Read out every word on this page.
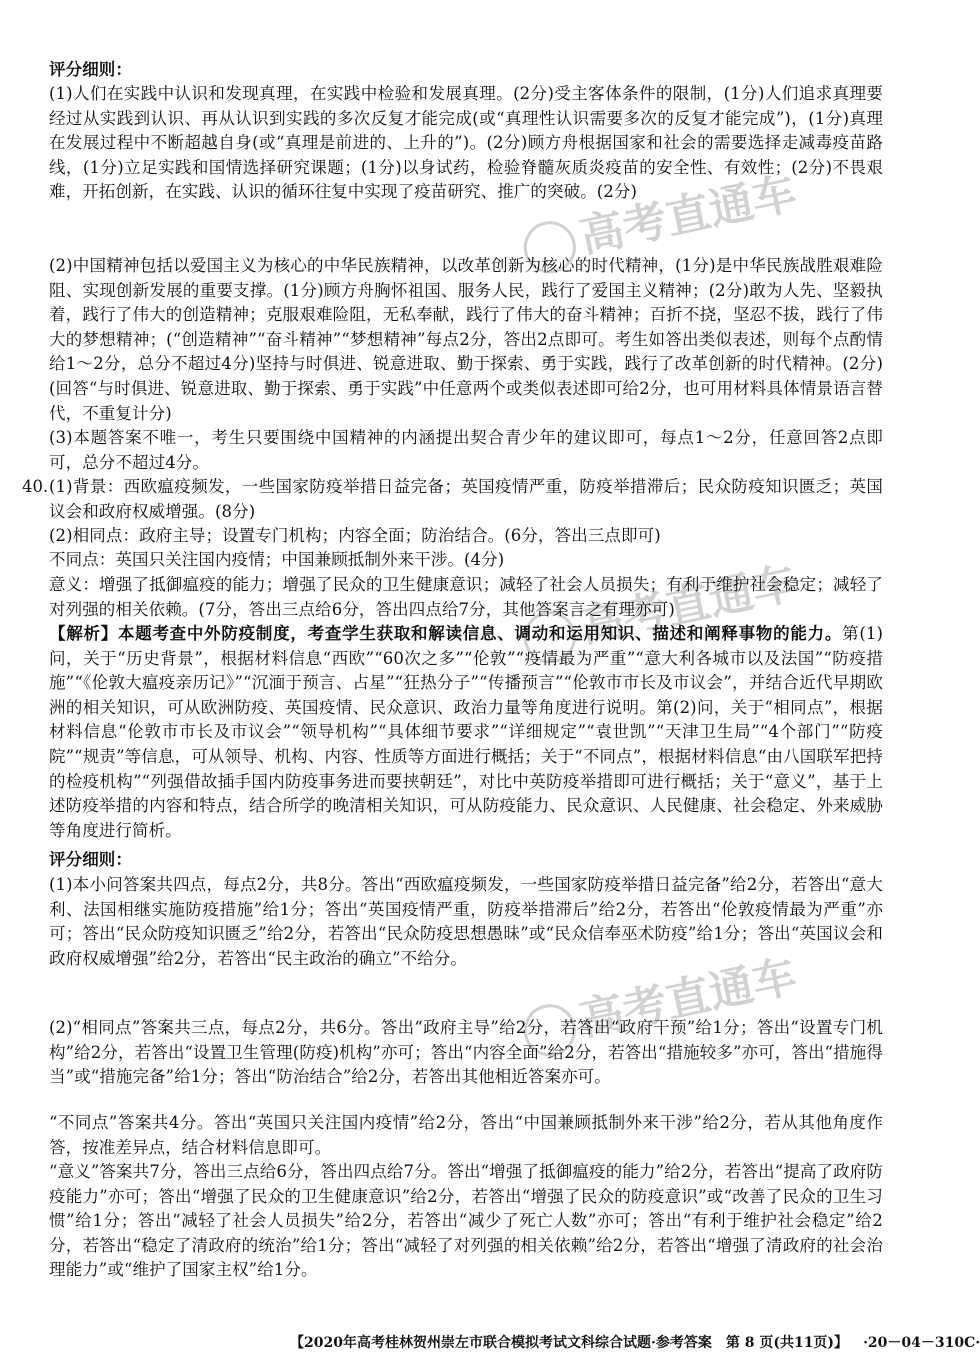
评分细则：

(1)人们在实践中认识和发现真理，在实践中检验和发展真理。(2分)受主客体条件的限制，(1分)人们追求真理要经过从实践到认识、再从认识到实践的多次反复才能完成(或“真理性认识需要多次的反复才能完成”)，(1分)真理在发展过程中不断超越自身(或“真理是前进的、上升的”)。(2分)顾方舟根据国家和社会的需要选择走减毒疫苗路线，(1分)立足实践和国情选择研究课题；(1分)以身试药，检验脊髓灰质炎疫苗的安全性、有效性；(2分)不畏艰难，开拓创新，在实践、认识的循环往复中实现了疫苗研究、推广的突破。(2分)

(2)中国精神包括以爱国主义为核心的中华民族精神，以改革创新为核心的时代精神，(1分)是中华民族战胜艰难险阻、实现创新发展的重要支撑。(1分)顾方舟胸怀祖国、服务人民，践行了爱国主义精神；(2分)敢为人先、坚毅执着，践行了伟大的创造精神；克服艰难险阻，无私奉献，践行了伟大的奋斗精神；百折不挠，坚忍不拔，践行了伟大的梦想精神；(“创造精神”“奋斗精神”“梦想精神”每点2分，答出2点即可。考生如答出类似表述，则每个点酌情给1～2分，总分不超过4分)坚持与时俱进、锐意进取、勤于探索、勇于实践，践行了改革创新的时代精神。(2分)(回答“与时俱进、锐意进取、勤于探索、勇于实践”中任意两个或类似表述即可给2分，也可用材料具体情景语言替代，不重复计分)

(3)本题答案不唯一，考生只要围绕中国精神的内涵提出契合青少年的建议即可，每点1～2分，任意回答2点即可，总分不超过4分。

40. (1)背景：西欧瘟疫频发，一些国家防疫举措日益完备；英国疫情严重，防疫举措滞后；民众防疫知识匮乏；英国议会和政府权威增强。(8分)

(2)相同点：政府主导；设置专门机构；内容全面；防治结合。(6分，答出三点即可)

不同点：英国只关注国内疫情；中国兼顾抵制外来干涉。(4分)

意义：增强了抵御瘟疫的能力；增强了民众的卫生健康意识；减轻了社会人员损失；有利于维护社会稳定；减轻了对列强的相关依赖。(7分，答出三点给6分，答出四点给7分，其他答案言之有理亦可)

【解析】本题考查中外防疫制度，考查学生获取和解读信息、调动和运用知识、描述和阐释事物的能力。第(1)问，关于“历史背景”，根据材料信息“西欧”“60次之多”“伦敦”“疫情最为严重”“意大利各城市以及法国”“防疫措施”“《伦敦大瘟疫亲历记》”“沉湎于预言、占星”“狂热分子”“传播预言”“伦敦市市长及市议会”，并结合近代早期欧洲的相关知识，可从欧洲防疫、英国疫情、民众意识、政治力量等角度进行说明。第(2)问，关于“相同点”，根据材料信息“伦敦市市长及市议会”“领导机构”“具体细节要求”“详细规定”“袁世凯”“天津卫生局”“4个部门”“防疫院”“规责”等信息，可从领导、机构、内容、性质等方面进行概括；关于“不同点”，根据材料信息“由八国联军把持的检疫机构”“列强借故插手国内防疫事务进而要挟朝廷”，对比中英防疫举措即可进行概括；关于“意义”，基于上述防疫举措的内容和特点，结合所学的晚清相关知识，可从防疫能力、民众意识、人民健康、社会稳定、外来威胁等角度进行简析。

评分细则：

(1)本小问答案共四点，每点2分，共8分。答出“西欧瘟疫频发，一些国家防疫举措日益完备”给2分，若答出“意大利、法国相继实施防疫措施”给1分；答出“英国疫情严重，防疫举措滞后”给2分，若答出“伦敦疫情最为严重”亦可；答出“民众防疫知识匮乏”给2分，若答出“民众防疫思想愚昧”或“民众信奉巫术防疫”给1分；答出“英国议会和政府权威增强”给2分，若答出“民主政治的确立”不给分。

(2)“相同点”答案共三点，每点2分，共6分。答出“政府主导”给2分，若答出“政府干预”给1分；答出“设置专门机构”给2分，若答出“设置卫生管理(防疫)机构”亦可；答出“内容全面”给2分，若答出“措施较多”亦可，答出“措施得当”或“措施完备”给1分；答出“防治结合”给2分，若答出其他相近答案亦可。

“不同点”答案共4分。答出“英国只关注国内疫情”给2分，答出“中国兼顾抵制外来干涉”给2分，若从其他角度作答，按准差异点，结合材料信息即可。

“意义”答案共7分，答出三点给6分，答出四点给7分。答出“增强了抵御瘟疫的能力”给2分，若答出“提高了政府防疫能力”亦可；答出“增强了民众的卫生健康意识”给2分，若答出“增强了民众的防疫意识”或“改善了民众的卫生习惯”给1分；答出“减轻了社会人员损失”给2分，若答出“减少了死亡人数”亦可；答出“有利于维护社会稳定”给2分，若答出“稳定了清政府的统治”给1分；答出“减轻了对列强的相关依赖”给2分，若答出“增强了清政府的社会治理能力”或“维护了国家主权”给1分。

高考直通车
高考直通车
高考直通车
【2020年高考桂林贺州崇左市联合模拟考试文科综合试题·参考答案　第 8 页(共11页)】 ·20－04－310C·
